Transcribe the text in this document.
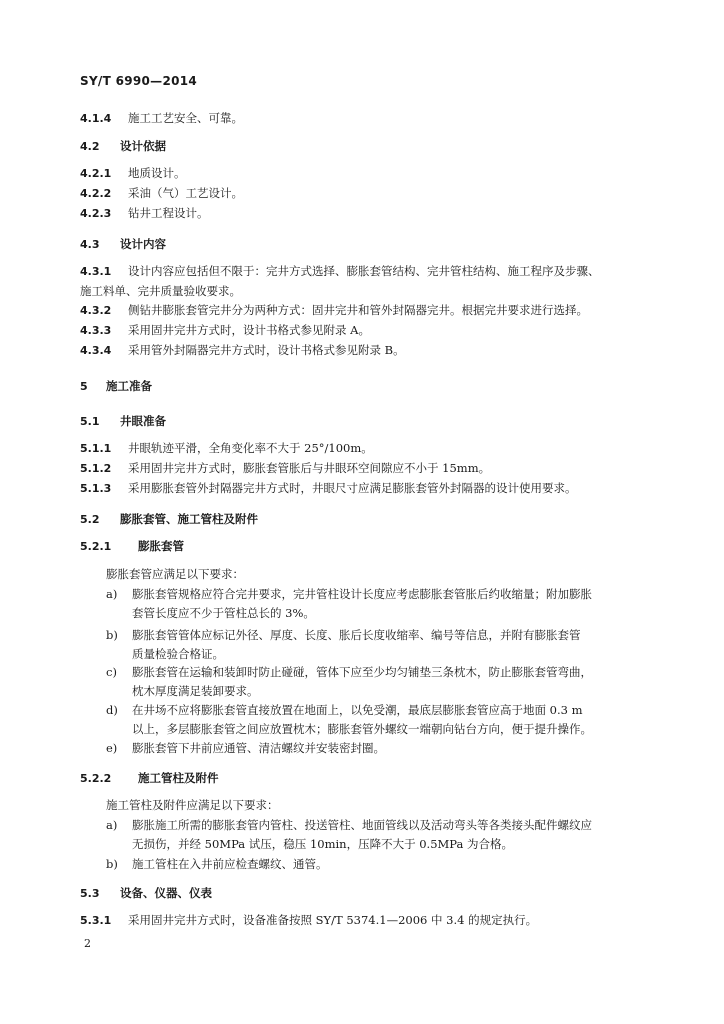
SY/T 6990—2014
4.1.4 施工工艺安全、可靠。
4.2 设计依据
4.2.1 地质设计。
4.2.2 采油（气）工艺设计。
4.2.3 钻井工程设计。
4.3 设计内容
4.3.1 设计内容应包括但不限于：完井方式选择、膨胀套管结构、完井管柱结构、施工程序及步骤、
施工料单、完井质量验收要求。
4.3.2 侧钻井膨胀套管完井分为两种方式：固井完井和管外封隔器完井。根据完井要求进行选择。
4.3.3 采用固井完井方式时，设计书格式参见附录 A。
4.3.4 采用管外封隔器完井方式时，设计书格式参见附录 B。
5 施工准备
5.1 井眼准备
5.1.1 井眼轨迹平滑，全角变化率不大于 25°/100m。
5.1.2 采用固井完井方式时，膨胀套管胀后与井眼环空间隙应不小于 15mm。
5.1.3 采用膨胀套管外封隔器完井方式时，井眼尺寸应满足膨胀套管外封隔器的设计使用要求。
5.2 膨胀套管、施工管柱及附件
5.2.1 膨胀套管
膨胀套管应满足以下要求：
a) 膨胀套管规格应符合完井要求，完井管柱设计长度应考虑膨胀套管胀后约收缩量；附加膨胀
套管长度应不少于管柱总长的 3%。
b) 膨胀套管管体应标记外径、厚度、长度、胀后长度收缩率、编号等信息，并附有膨胀套管
质量检验合格证。
c) 膨胀套管在运输和装卸时防止碰碰，管体下应至少均匀铺垫三条枕木，防止膨胀套管弯曲，
枕木厚度满足装卸要求。
d) 在井场不应将膨胀套管直接放置在地面上，以免受潮，最底层膨胀套管应高于地面 0.3 m
以上，多层膨胀套管之间应放置枕木；膨胀套管外螺纹一端朝向钻台方向，便于提升操作。
e) 膨胀套管下井前应通管、清洁螺纹并安装密封圈。
5.2.2 施工管柱及附件
施工管柱及附件应满足以下要求：
a) 膨胀施工所需的膨胀套管内管柱、投送管柱、地面管线以及活动弯头等各类接头配件螺纹应
无损伤，并经 50MPa 试压，稳压 10min，压降不大于 0.5MPa 为合格。
b) 施工管柱在入井前应检查螺纹、通管。
5.3 设备、仪器、仪表
5.3.1 采用固井完井方式时，设备准备按照 SY/T 5374.1—2006 中 3.4 的规定执行。
2
